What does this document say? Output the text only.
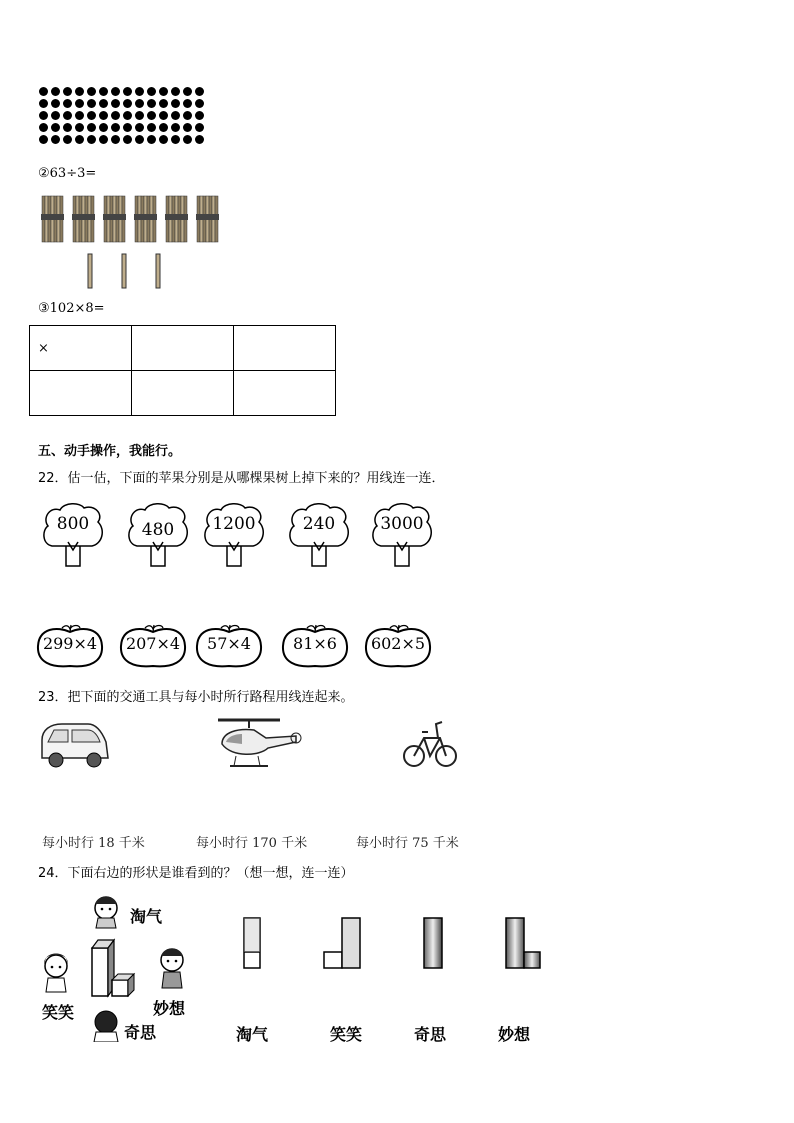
②63÷3=
③102×8=
×		

五、动手操作，我能行。
22．估一估，下面的苹果分别是从哪棵果树上掉下来的？用线连一连．
800	480	1200	240	3000
299×4	207×4	57×4	81×6	602×5
23．把下面的交通工具与每小时所行路程用线连起来。
每小时行 18 千米	每小时行 170 千米	每小时行 75 千米
24．下面右边的形状是谁看到的？（想一想，连一连）
淘气
笑笑	妙想
奇思	淘气	笑笑	奇思	妙想
